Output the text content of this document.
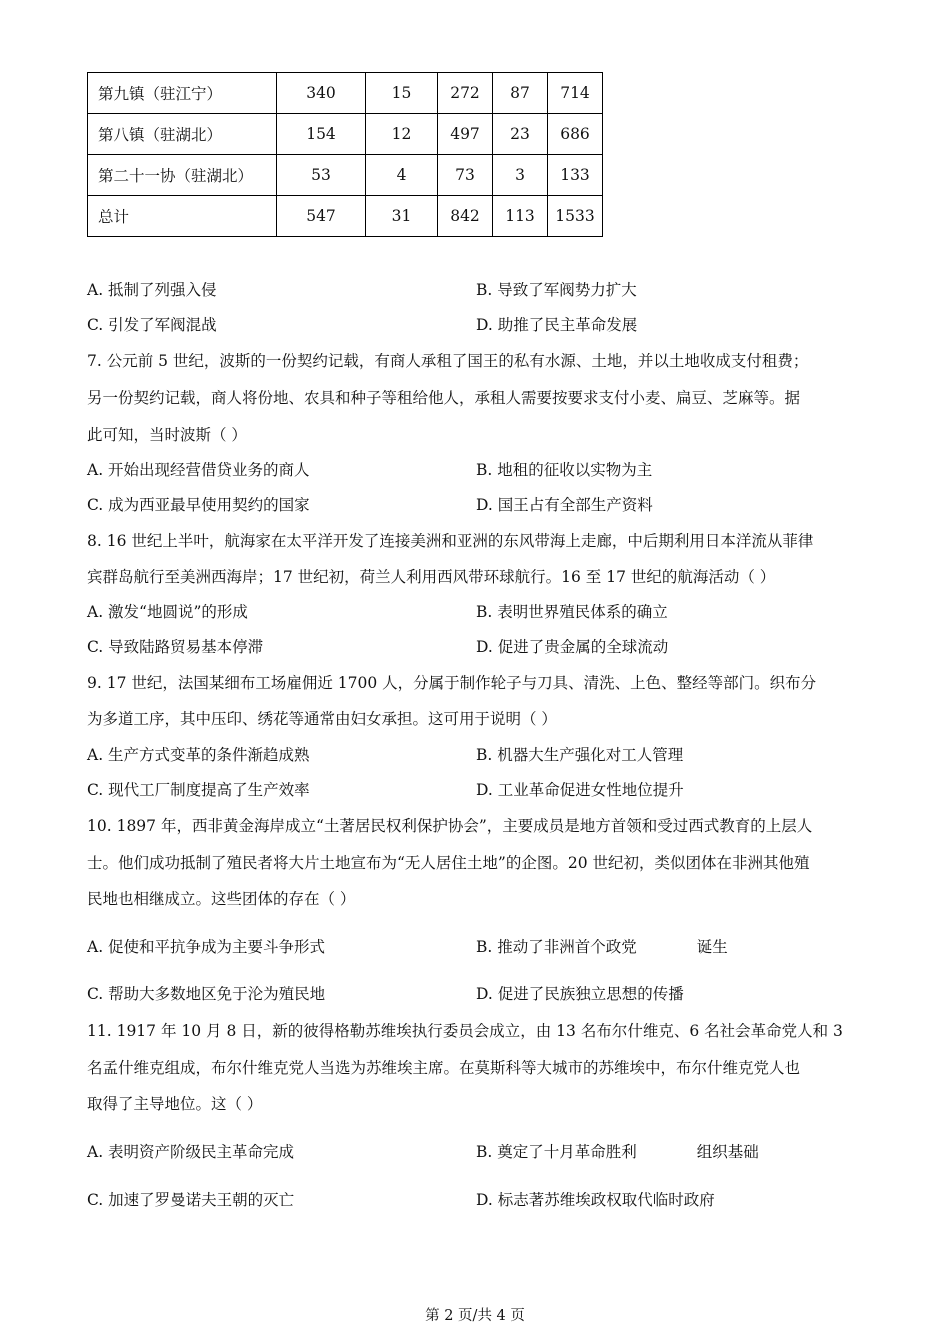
第九镇（驻江宁）	340	15	272	87	714
第八镇（驻湖北）	154	12	497	23	686
第二十一协（驻湖北）	53	4	73	3	133
总计	547	31	842	113	1533
A. 抵制了列强入侵	B. 导致了军阀势力扩大
C. 引发了军阀混战	D. 助推了民主革命发展
7. 公元前 5 世纪，波斯的一份契约记载，有商人承租了国王的私有水源、土地，并以土地收成支付租费；
另一份契约记载，商人将份地、农具和种子等租给他人，承租人需要按要求支付小麦、扁豆、芝麻等。据
此可知，当时波斯（ ）
A. 开始出现经营借贷业务的商人	B. 地租的征收以实物为主
C. 成为西亚最早使用契约的国家	D. 国王占有全部生产资料
8. 16 世纪上半叶，航海家在太平洋开发了连接美洲和亚洲的东风带海上走廊，中后期利用日本洋流从菲律
宾群岛航行至美洲西海岸；17 世纪初，荷兰人利用西风带环球航行。16 至 17 世纪的航海活动（ ）
A. 激发“地圆说”的形成	B. 表明世界殖民体系的确立
C. 导致陆路贸易基本停滞	D. 促进了贵金属的全球流动
9. 17 世纪，法国某细布工场雇佣近 1700 人，分属于制作轮子与刀具、清洗、上色、整经等部门。织布分
为多道工序，其中压印、绣花等通常由妇女承担。这可用于说明（ ）
A. 生产方式变革的条件渐趋成熟	B. 机器大生产强化对工人管理
C. 现代工厂制度提高了生产效率	D. 工业革命促进女性地位提升
10. 1897 年，西非黄金海岸成立“土著居民权利保护协会”，主要成员是地方首领和受过西式教育的上层人
士。他们成功抵制了殖民者将大片土地宣布为“无人居住土地”的企图。20 世纪初，类似团体在非洲其他殖
民地也相继成立。这些团体的存在（ ）
A. 促使和平抗争成为主要斗争形式	B. 推动了非洲首个政党	诞生
C. 帮助大多数地区免于沦为殖民地	D. 促进了民族独立思想的传播
11. 1917 年 10 月 8 日，新的彼得格勒苏维埃执行委员会成立，由 13 名布尔什维克、6 名社会革命党人和 3
名孟什维克组成，布尔什维克党人当选为苏维埃主席。在莫斯科等大城市的苏维埃中，布尔什维克党人也
取得了主导地位。这（ ）
A. 表明资产阶级民主革命完成	B. 奠定了十月革命胜利	组织基础
C. 加速了罗曼诺夫王朝的灭亡	D. 标志著苏维埃政权取代临时政府
第 2 页/共 4 页
